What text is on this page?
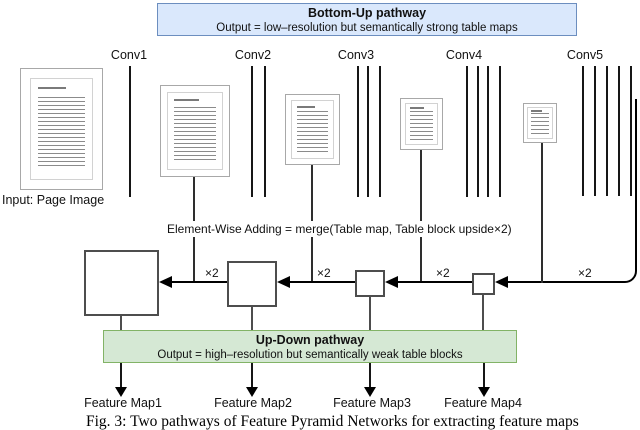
Bottom-Up pathway
Output = low–resolution but semantically strong table maps
Conv1	Conv2	Conv3	Conv4	Conv5
Input: Page Image
Element-Wise Adding = merge(Table map, Table block upside×2)
×2	×2	×2	×2
Up-Down pathway
Output = high–resolution but semantically weak table blocks
Feature Map1	Feature Map2	Feature Map3	Feature Map4
Fig. 3: Two pathways of Feature Pyramid Networks for extracting feature maps
